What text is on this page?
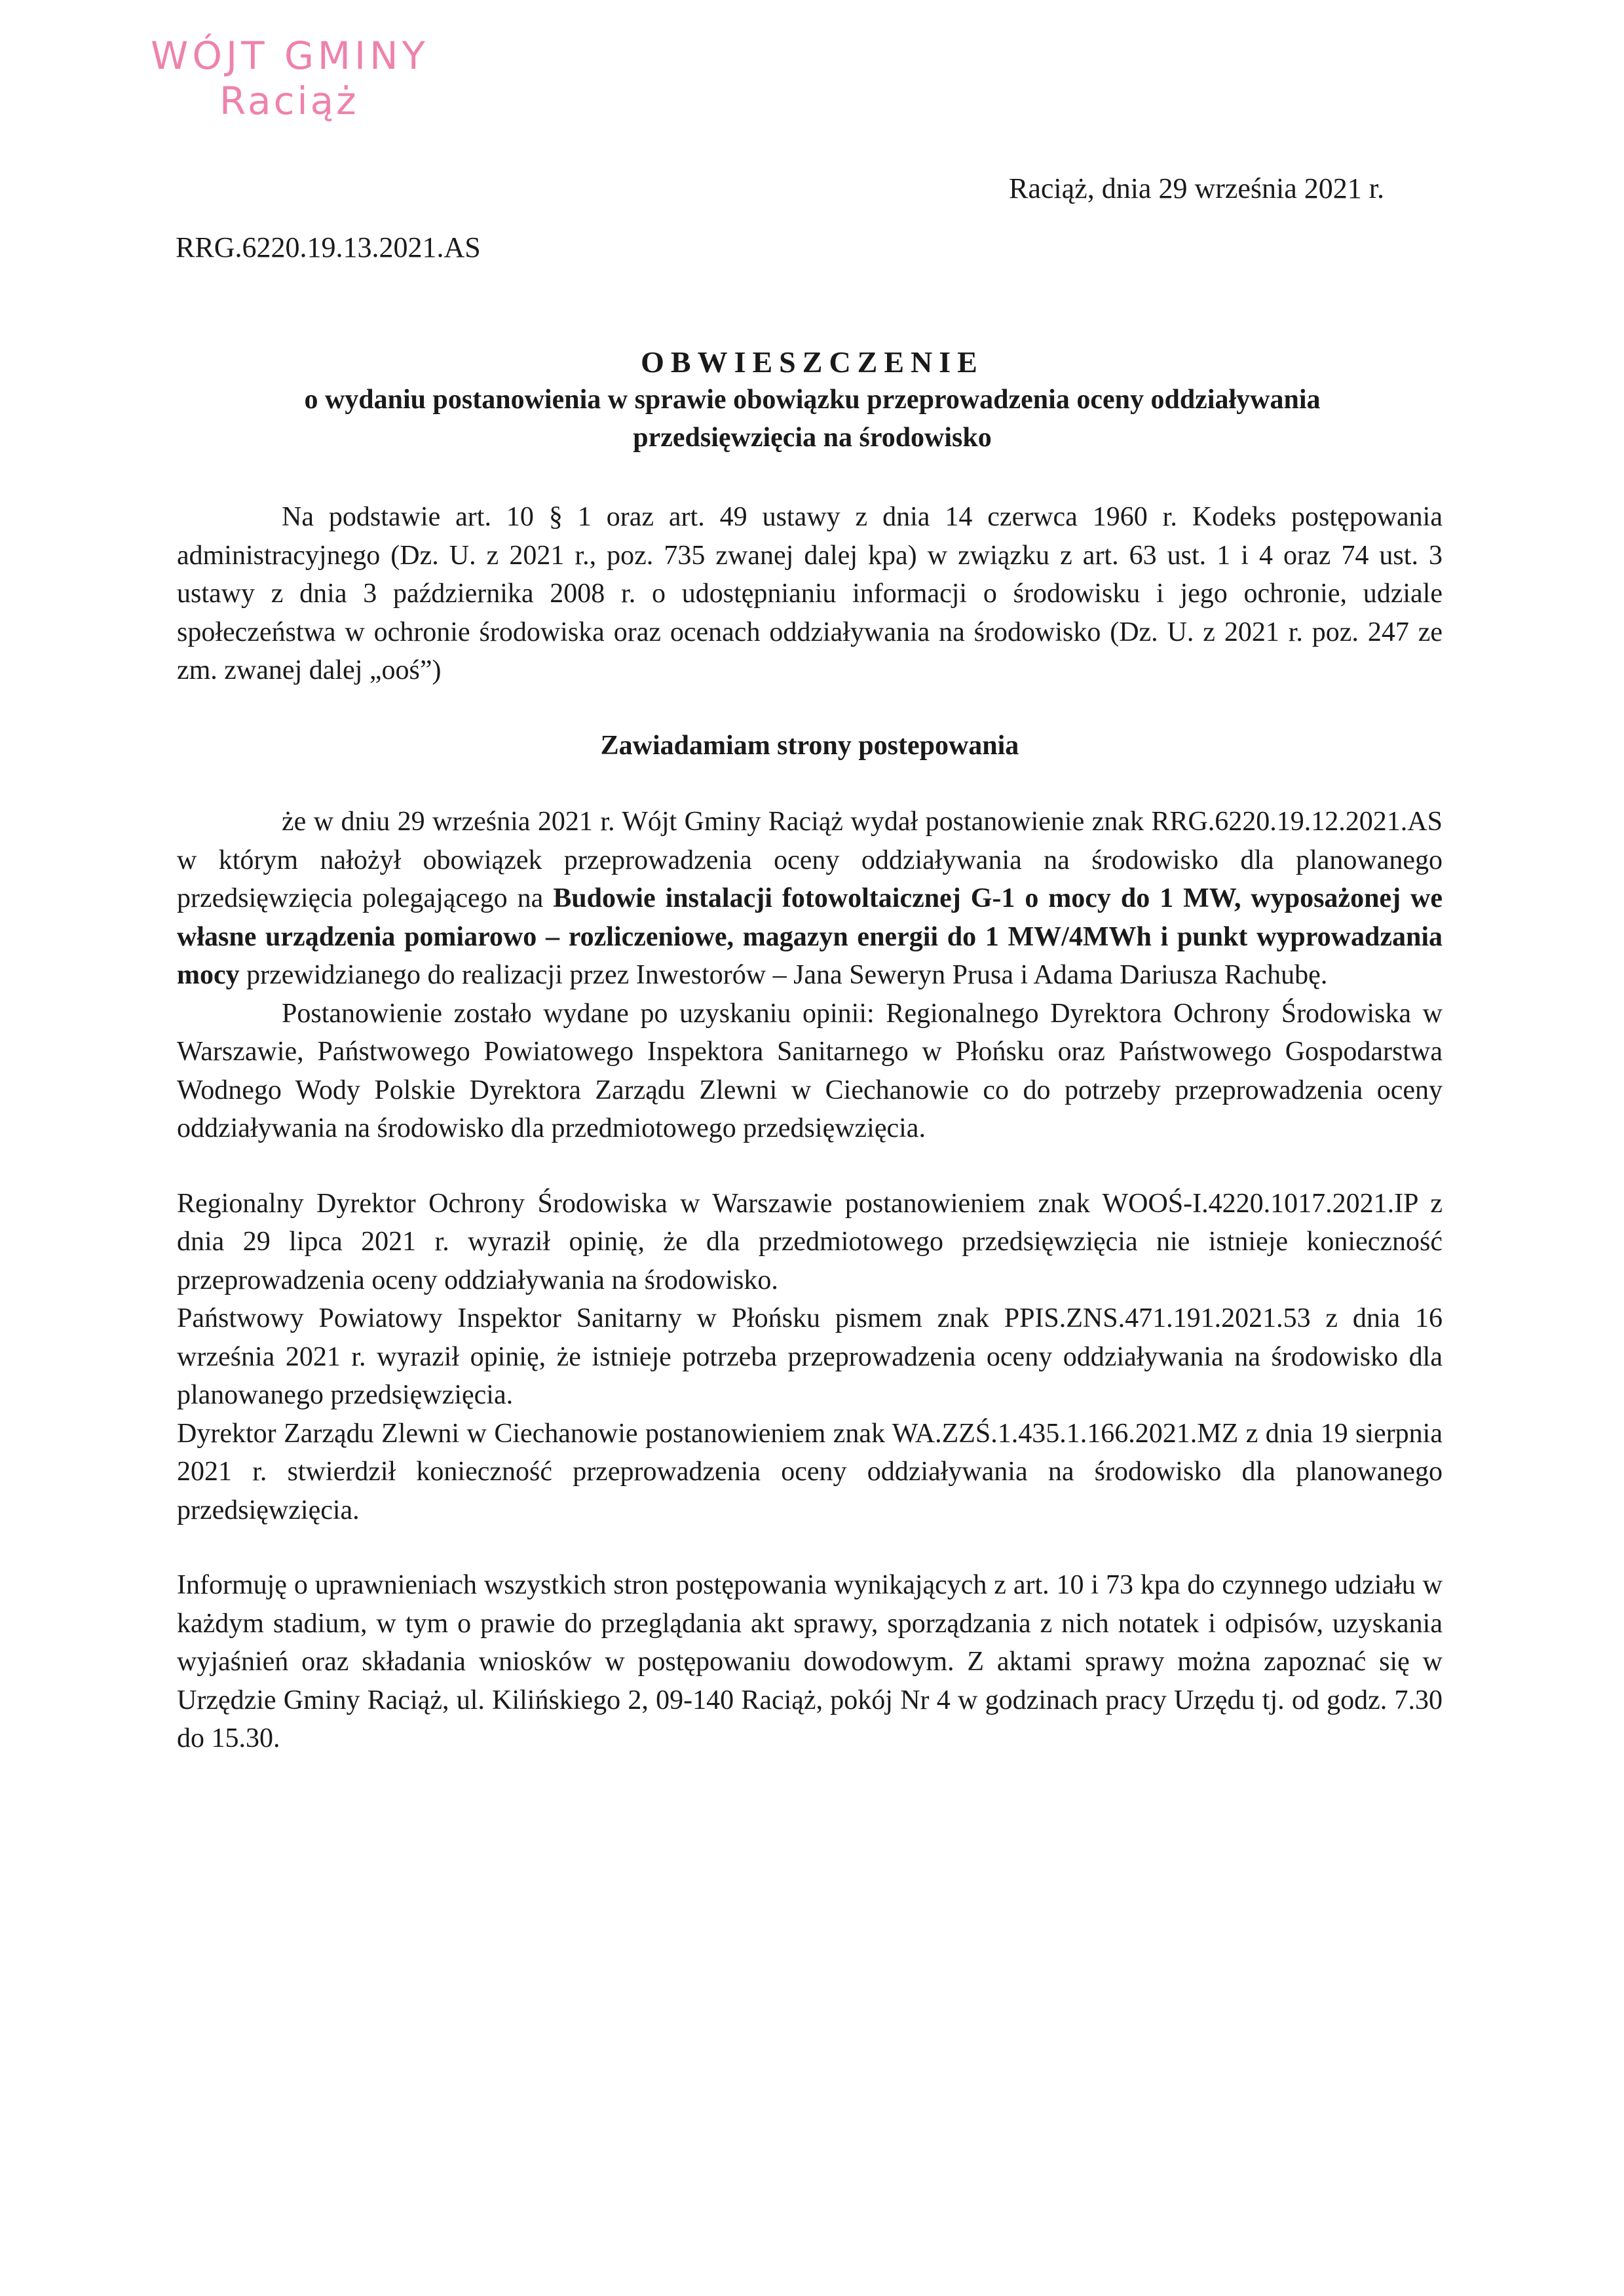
WÓJT GMINY
Raciąż
Raciąż, dnia 29 września 2021 r.
RRG.6220.19.13.2021.AS
OBWIESZCZENIE
o wydaniu postanowienia w sprawie obowiązku przeprowadzenia oceny oddziaływania
przedsięwzięcia na środowisko

Na podstawie art. 10 § 1 oraz art. 49 ustawy z dnia 14 czerwca 1960 r. Kodeks postępowania administracyjnego (Dz. U. z 2021 r., poz. 735 zwanej dalej kpa) w związku z art. 63 ust. 1 i 4 oraz 74 ust. 3 ustawy z dnia 3 października 2008 r. o udostępnianiu informacji o środowisku i jego ochronie, udziale społeczeństwa w ochronie środowiska oraz ocenach oddziaływania na środowisko (Dz. U. z 2021 r. poz. 247 ze zm. zwanej dalej „ooś”)

Zawiadamiam strony postepowania

że w dniu 29 września 2021 r. Wójt Gminy Raciąż wydał postanowienie znak RRG.6220.19.12.2021.AS w którym nałożył obowiązek przeprowadzenia oceny oddziaływania na środowisko dla planowanego przedsięwzięcia polegającego na Budowie instalacji fotowoltaicznej G-1 o mocy do 1 MW, wyposażonej we własne urządzenia pomiarowo – rozliczeniowe, magazyn energii do 1 MW/4MWh i punkt wyprowadzania mocy przewidzianego do realizacji przez Inwestorów – Jana Seweryn Prusa i Adama Dariusza Rachubę.

Postanowienie zostało wydane po uzyskaniu opinii: Regionalnego Dyrektora Ochrony Środowiska w Warszawie, Państwowego Powiatowego Inspektora Sanitarnego w Płońsku oraz Państwowego Gospodarstwa Wodnego Wody Polskie Dyrektora Zarządu Zlewni w Ciechanowie co do potrzeby przeprowadzenia oceny oddziaływania na środowisko dla przedmiotowego przedsięwzięcia.

Regionalny Dyrektor Ochrony Środowiska w Warszawie postanowieniem znak WOOŚ-I.4220.1017.2021.IP z dnia 29 lipca 2021 r. wyraził opinię, że dla przedmiotowego przedsięwzięcia nie istnieje konieczność przeprowadzenia oceny oddziaływania na środowisko.

Państwowy Powiatowy Inspektor Sanitarny w Płońsku pismem znak PPIS.ZNS.471.191.2021.53 z dnia 16 września 2021 r. wyraził opinię, że istnieje potrzeba przeprowadzenia oceny oddziaływania na środowisko dla planowanego przedsięwzięcia.

Dyrektor Zarządu Zlewni w Ciechanowie postanowieniem znak WA.ZZŚ.1.435.1.166.2021.MZ z dnia 19 sierpnia 2021 r. stwierdził konieczność przeprowadzenia oceny oddziaływania na środowisko dla planowanego przedsięwzięcia.

Informuję o uprawnieniach wszystkich stron postępowania wynikających z art. 10 i 73 kpa do czynnego udziału w każdym stadium, w tym o prawie do przeglądania akt sprawy, sporządzania z nich notatek i odpisów, uzyskania wyjaśnień oraz składania wniosków w postępowaniu dowodowym. Z aktami sprawy można zapoznać się w Urzędzie Gminy Raciąż, ul. Kilińskiego 2, 09-140 Raciąż, pokój Nr 4 w godzinach pracy Urzędu tj. od godz. 7.30 do 15.30.
